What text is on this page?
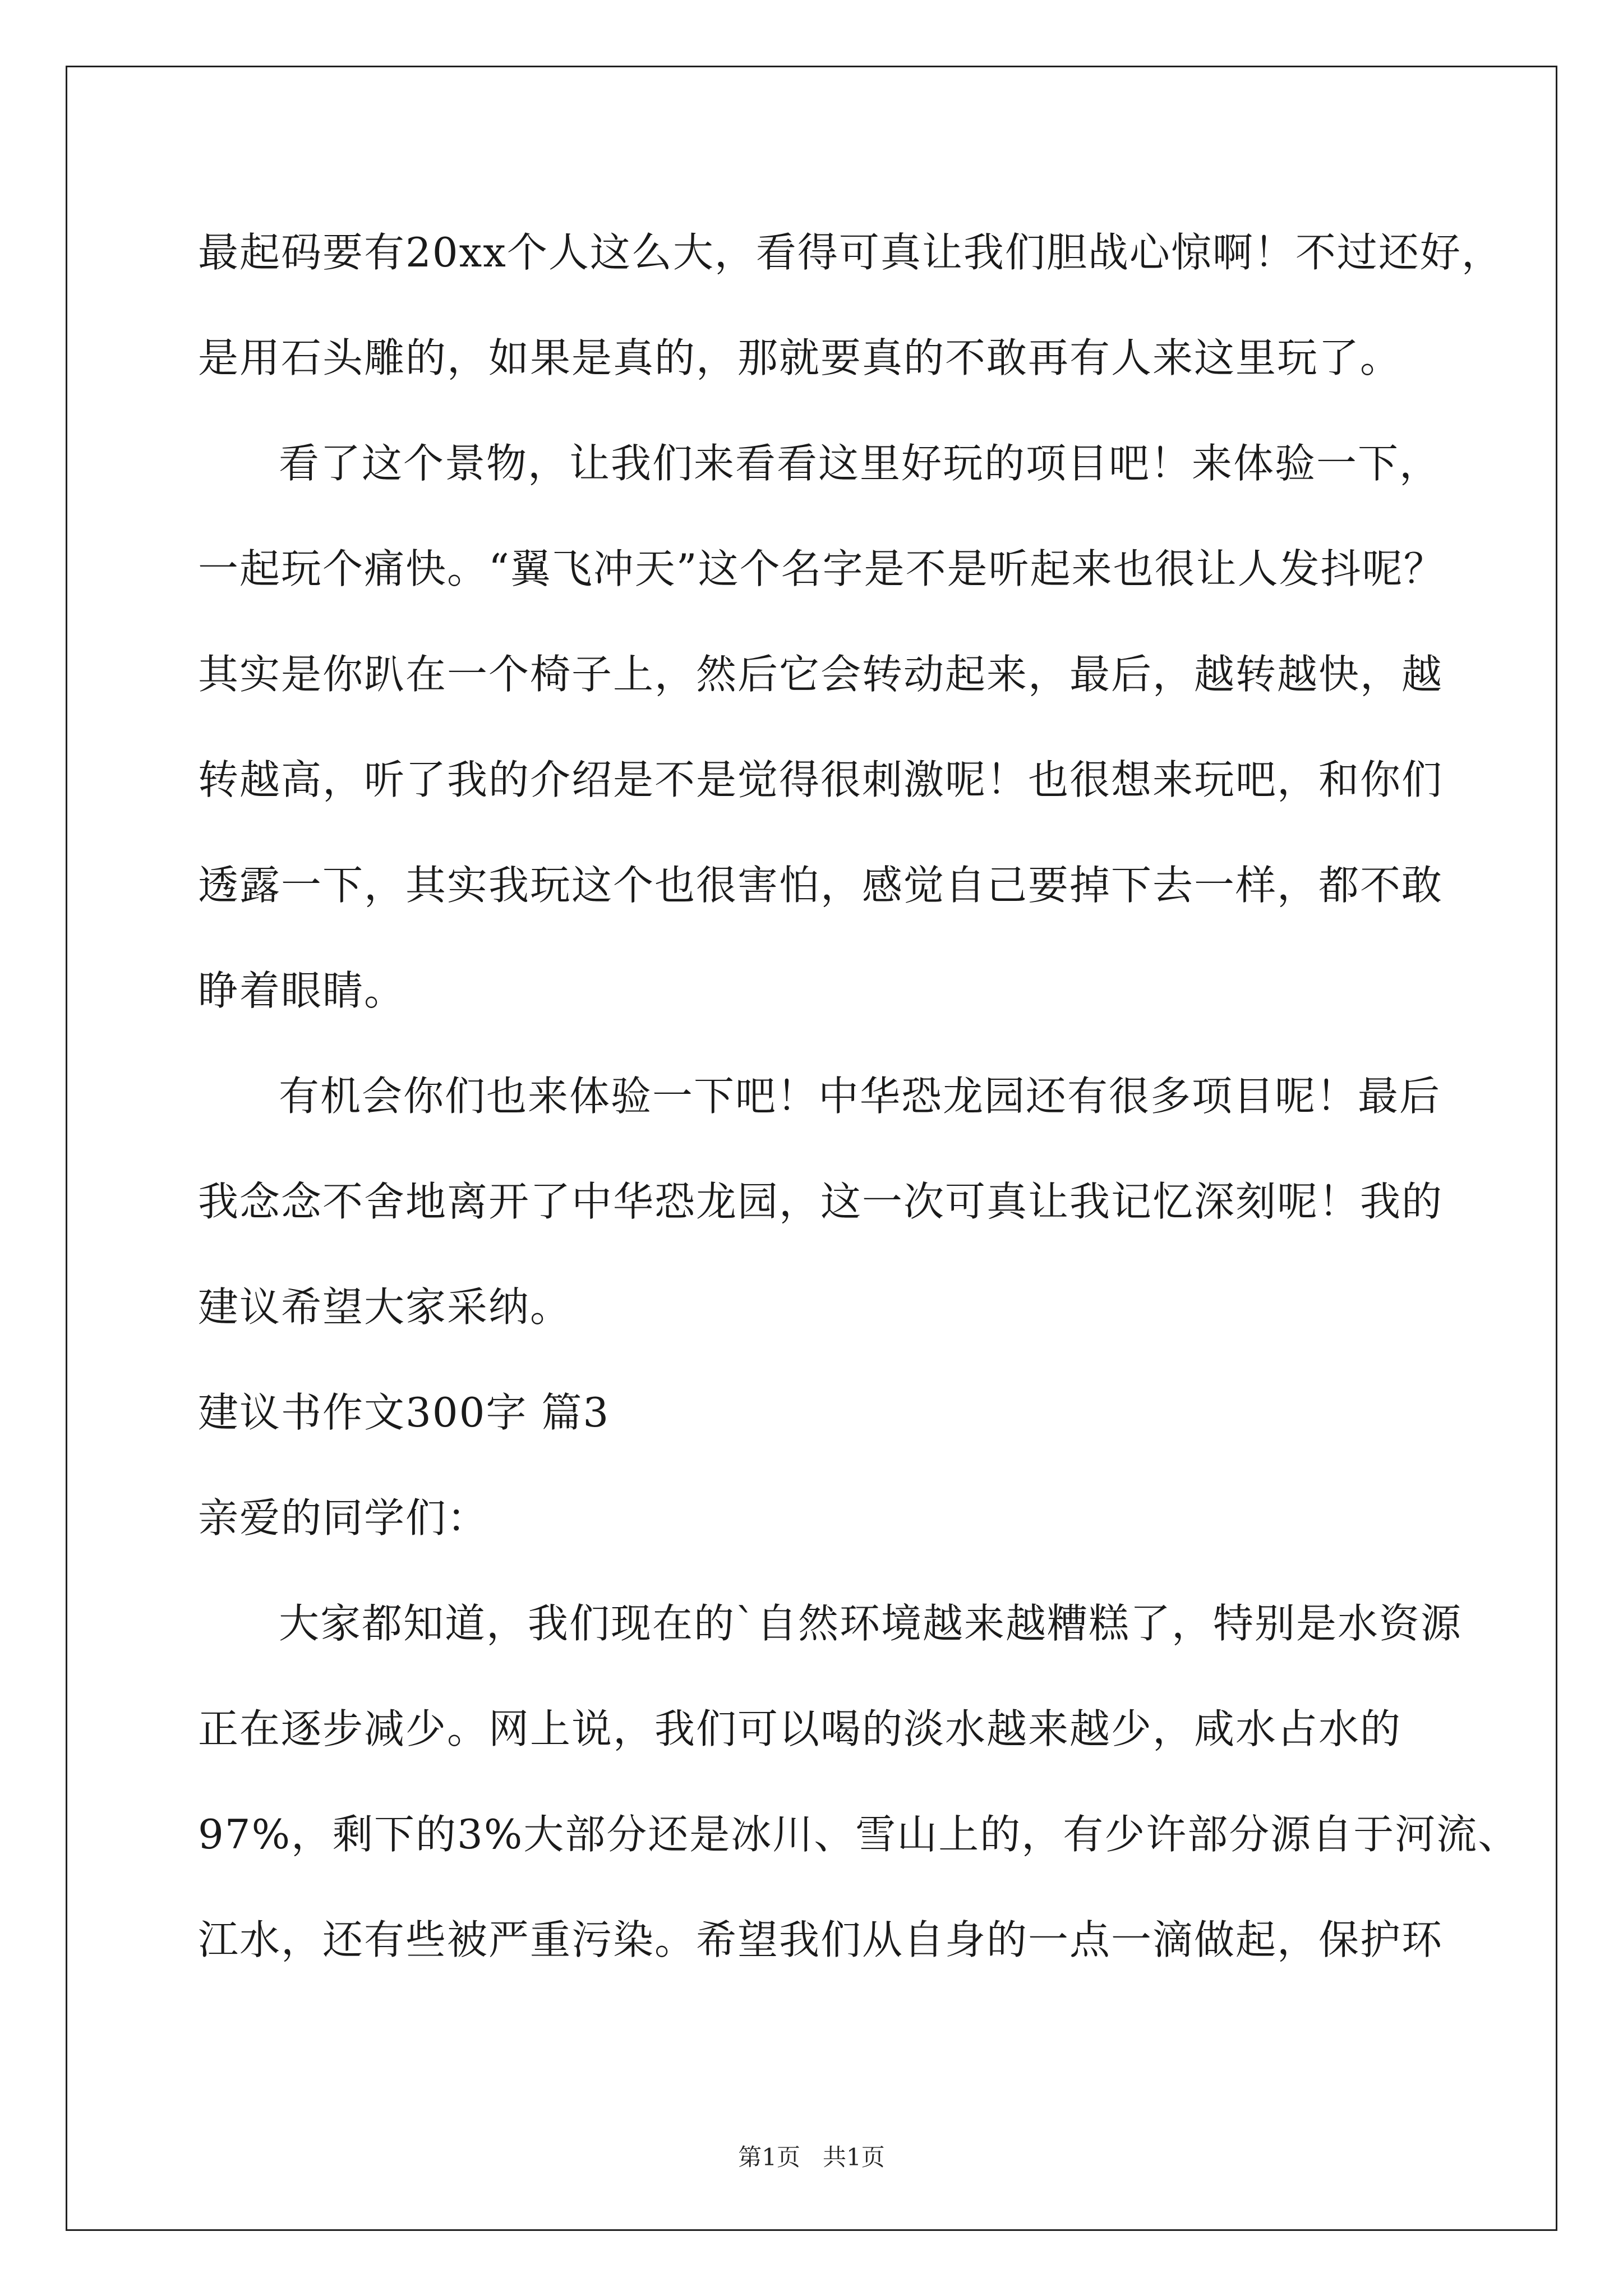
最起码要有20xx个人这么大，看得可真让我们胆战心惊啊！不过还好，
是用石头雕的，如果是真的，那就要真的不敢再有人来这里玩了。
看了这个景物，让我们来看看这里好玩的项目吧！来体验一下，
一起玩个痛快。“翼飞冲天”这个名字是不是听起来也很让人发抖呢？
其实是你趴在一个椅子上，然后它会转动起来，最后，越转越快，越
转越高，听了我的介绍是不是觉得很刺激呢！也很想来玩吧，和你们
透露一下，其实我玩这个也很害怕，感觉自己要掉下去一样，都不敢
睁着眼睛。
有机会你们也来体验一下吧！中华恐龙园还有很多项目呢！最后
我念念不舍地离开了中华恐龙园，这一次可真让我记忆深刻呢！我的
建议希望大家采纳。
建议书作文300字 篇3
亲爱的同学们：
大家都知道，我们现在的`自然环境越来越糟糕了，特别是水资源
正在逐步减少。网上说，我们可以喝的淡水越来越少，咸水占水的
97%，剩下的3%大部分还是冰川、雪山上的，有少许部分源自于河流、
江水，还有些被严重污染。希望我们从自身的一点一滴做起，保护环
第1页   共1页
